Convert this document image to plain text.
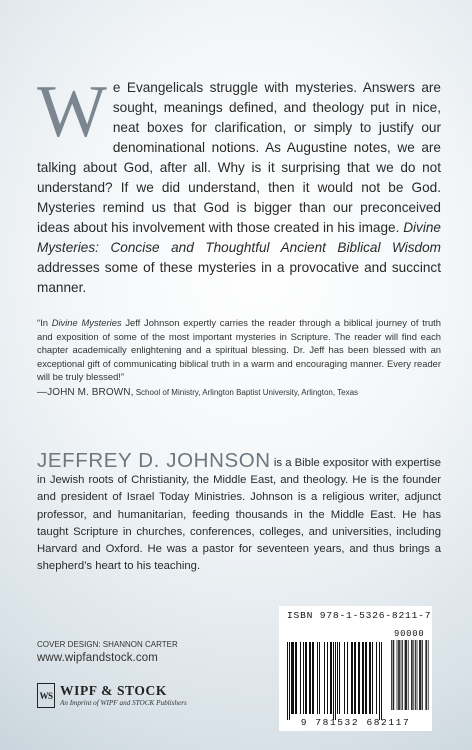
We Evangelicals struggle with mysteries. Answers are sought, meanings defined, and theology put in nice, neat boxes for clarification, or simply to justify our denominational notions. As Augustine notes, we are talking about God, after all. Why is it surprising that we do not understand? If we did understand, then it would not be God. Mysteries remind us that God is bigger than our preconceived ideas about his involvement with those created in his image. Divine Mysteries: Concise and Thoughtful Ancient Biblical Wisdom addresses some of these mysteries in a provocative and succinct manner.
“In Divine Mysteries Jeff Johnson expertly carries the reader through a biblical journey of truth and exposition of some of the most important mysteries in Scripture. The reader will find each chapter academically enlightening and a spiritual blessing. Dr. Jeff has been blessed with an exceptional gift of communicating biblical truth in a warm and encouraging manner. Every reader will be truly blessed!”
—JOHN M. BROWN, School of Ministry, Arlington Baptist University, Arlington, Texas
JEFFREY D. JOHNSON is a Bible expositor with expertise in Jewish roots of Christianity, the Middle East, and theology. He is the founder and president of Israel Today Ministries. Johnson is a religious writer, adjunct professor, and humanitarian, feeding thousands in the Middle East. He has taught Scripture in churches, conferences, colleges, and universities, including Harvard and Oxford. He was a pastor for seventeen years, and thus brings a shepherd’s heart to his teaching.
COVER DESIGN: SHANNON CARTER
www.wipfandstock.com
WS WIPF & STOCK
An Imprint of WIPF and STOCK Publishers
ISBN 978-1-5326-8211-7
90000
9 781532 682117
